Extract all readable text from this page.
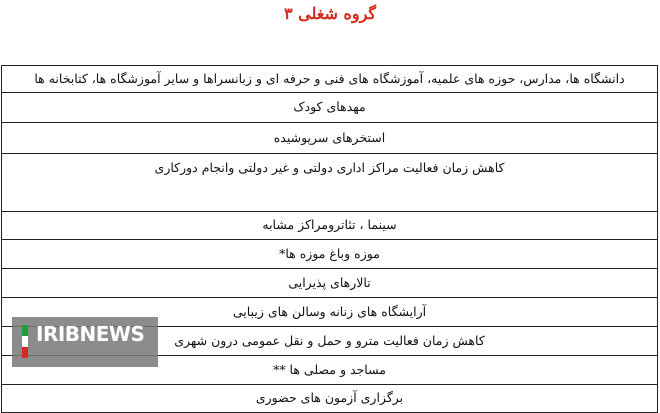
گروه شغلی ۳
دانشگاه ها، مدارس، حوزه های علمیه، آموزشگاه های فنی و حرفه ای و زبانسراها و سایر آموزشگاه ها، کتابخانه ها
مهدهای کودک
استخرهای سرپوشیده
کاهش زمان فعالیت مراکز اداری دولتی و غیر دولتی وانجام دورکاری
سینما ، تئاترومراکز مشابه
موزه وباغ موزه ها*
تالارهای پذیرایی
آرایشگاه های زنانه وسالن های زیبایی
کاهش زمان فعالیت مترو و حمل و نقل عمومی درون شهری
مساجد و مصلی ها **
برگزاری آزمون های حضوری
IRIBNEWS
